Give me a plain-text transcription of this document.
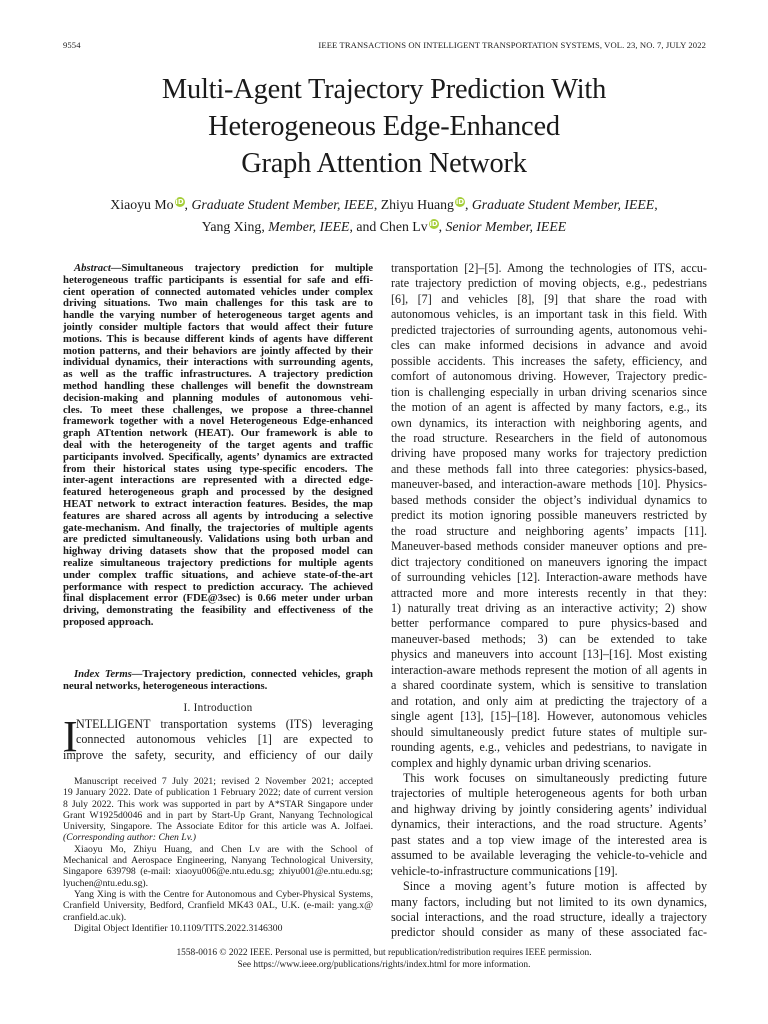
9554	IEEE TRANSACTIONS ON INTELLIGENT TRANSPORTATION SYSTEMS, VOL. 23, NO. 7, JULY 2022
Multi-Agent Trajectory Prediction With
Heterogeneous Edge-Enhanced
Graph Attention Network
Xiaoyu Mo iD, Graduate Student Member, IEEE, Zhiyu Huang iD, Graduate Student Member, IEEE,
Yang Xing, Member, IEEE, and Chen Lv iD, Senior Member, IEEE
Abstract—Simultaneous trajectory prediction for multiple
heterogeneous traffic participants is essential for safe and effi-
cient operation of connected automated vehicles under complex
driving situations. Two main challenges for this task are to
handle the varying number of heterogeneous target agents and
jointly consider multiple factors that would affect their future
motions. This is because different kinds of agents have different
motion patterns, and their behaviors are jointly affected by their
individual dynamics, their interactions with surrounding agents,
as well as the traffic infrastructures. A trajectory prediction
method handling these challenges will benefit the downstream
decision-making and planning modules of autonomous vehi-
cles. To meet these challenges, we propose a three-channel
framework together with a novel Heterogeneous Edge-enhanced
graph ATtention network (HEAT). Our framework is able to
deal with the heterogeneity of the target agents and traffic
participants involved. Specifically, agents’ dynamics are extracted
from their historical states using type-specific encoders. The
inter-agent interactions are represented with a directed edge-
featured heterogeneous graph and processed by the designed
HEAT network to extract interaction features. Besides, the map
features are shared across all agents by introducing a selective
gate-mechanism. And finally, the trajectories of multiple agents
are predicted simultaneously. Validations using both urban and
highway driving datasets show that the proposed model can
realize simultaneous trajectory predictions for multiple agents
under complex traffic situations, and achieve state-of-the-art
performance with respect to prediction accuracy. The achieved
final displacement error (FDE@3sec) is 0.66 meter under urban
driving, demonstrating the feasibility and effectiveness of the
proposed approach.
Index Terms—Trajectory prediction, connected vehicles, graph
neural networks, heterogeneous interactions.
I. Introduction
I
NTELLIGENT transportation systems (ITS) leveraging
connected autonomous vehicles [1] are expected to
improve the safety, security, and efficiency of our daily
Manuscript received 7 July 2021; revised 2 November 2021; accepted
19 January 2022. Date of publication 1 February 2022; date of current version
8 July 2022. This work was supported in part by A*STAR Singapore under
Grant W1925d0046 and in part by Start-Up Grant, Nanyang Technological
University, Singapore. The Associate Editor for this article was A. Jolfaei.
(Corresponding author: Chen Lv.)
Xiaoyu Mo, Zhiyu Huang, and Chen Lv are with the School of
Mechanical and Aerospace Engineering, Nanyang Technological University,
Singapore 639798 (e-mail: xiaoyu006@e.ntu.edu.sg; zhiyu001@e.ntu.edu.sg;
lyuchen@ntu.edu.sg).
Yang Xing is with the Centre for Autonomous and Cyber-Physical Systems,
Cranfield University, Bedford, Cranfield MK43 0AL, U.K. (e-mail: yang.x@
cranfield.ac.uk).
Digital Object Identifier 10.1109/TITS.2022.3146300
transportation [2]–[5]. Among the technologies of ITS, accu-
rate trajectory prediction of moving objects, e.g., pedestrians
[6], [7] and vehicles [8], [9] that share the road with
autonomous vehicles, is an important task in this field. With
predicted trajectories of surrounding agents, autonomous vehi-
cles can make informed decisions in advance and avoid
possible accidents. This increases the safety, efficiency, and
comfort of autonomous driving. However, Trajectory predic-
tion is challenging especially in urban driving scenarios since
the motion of an agent is affected by many factors, e.g., its
own dynamics, its interaction with neighboring agents, and
the road structure. Researchers in the field of autonomous
driving have proposed many works for trajectory prediction
and these methods fall into three categories: physics-based,
maneuver-based, and interaction-aware methods [10]. Physics-
based methods consider the object’s individual dynamics to
predict its motion ignoring possible maneuvers restricted by
the road structure and neighboring agents’ impacts [11].
Maneuver-based methods consider maneuver options and pre-
dict trajectory conditioned on maneuvers ignoring the impact
of surrounding vehicles [12]. Interaction-aware methods have
attracted more and more interests recently in that they:
1) naturally treat driving as an interactive activity; 2) show
better performance compared to pure physics-based and
maneuver-based methods; 3) can be extended to take
physics and maneuvers into account [13]–[16]. Most existing
interaction-aware methods represent the motion of all agents in
a shared coordinate system, which is sensitive to translation
and rotation, and only aim at predicting the trajectory of a
single agent [13], [15]–[18]. However, autonomous vehicles
should simultaneously predict future states of multiple sur-
rounding agents, e.g., vehicles and pedestrians, to navigate in
complex and highly dynamic urban driving scenarios.
This work focuses on simultaneously predicting future
trajectories of multiple heterogeneous agents for both urban
and highway driving by jointly considering agents’ individual
dynamics, their interactions, and the road structure. Agents’
past states and a top view image of the interested area is
assumed to be available leveraging the vehicle-to-vehicle and
vehicle-to-infrastructure communications [19].
Since a moving agent’s future motion is affected by
many factors, including but not limited to its own dynamics,
social interactions, and the road structure, ideally a trajectory
predictor should consider as many of these associated fac-
1558-0016 © 2022 IEEE. Personal use is permitted, but republication/redistribution requires IEEE permission.
See https://www.ieee.org/publications/rights/index.html for more information.
